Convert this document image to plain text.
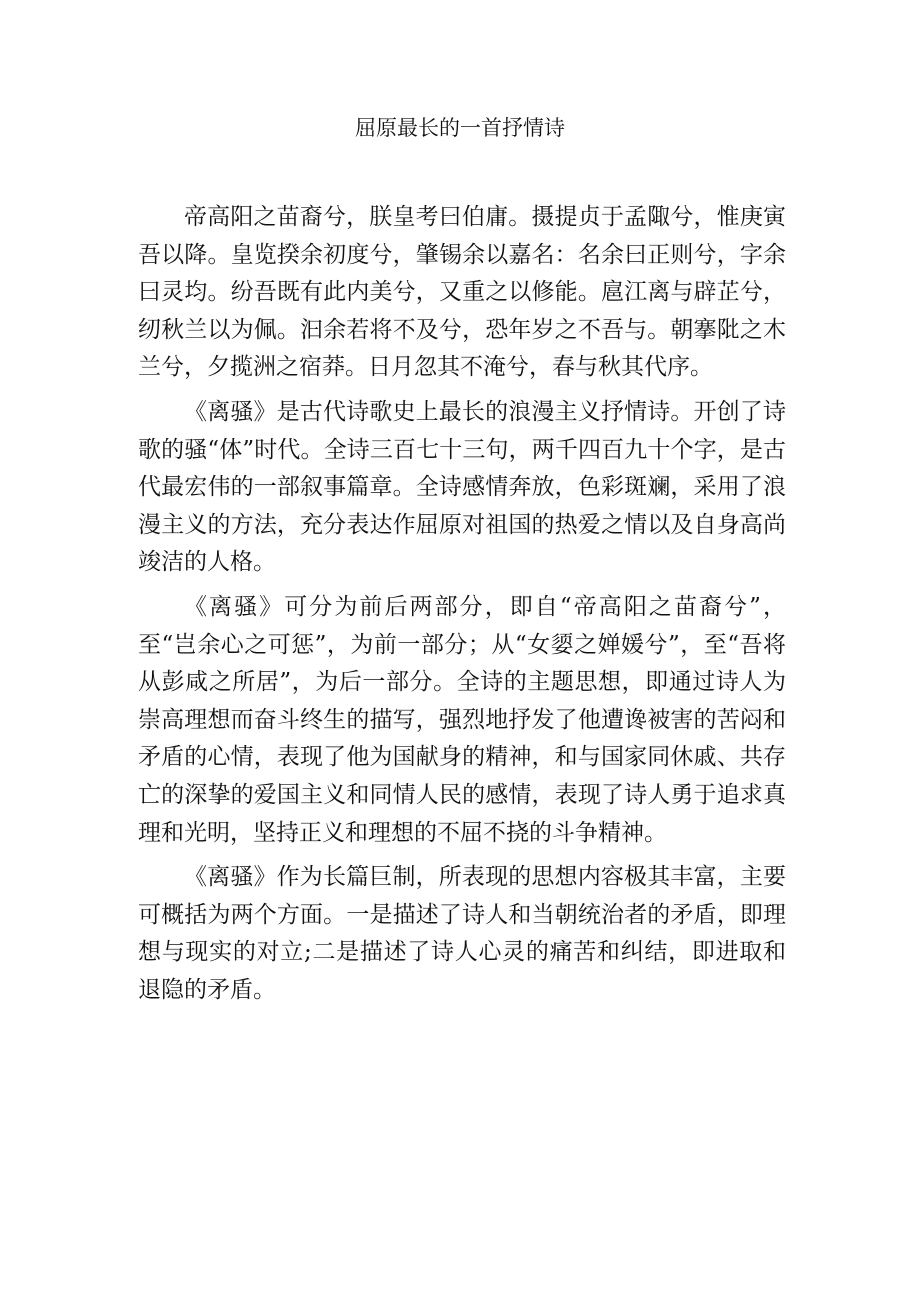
屈原最长的一首抒情诗

帝高阳之苗裔兮，朕皇考曰伯庸。摄提贞于孟陬兮，惟庚寅吾以降。皇览揆余初度兮，肇锡余以嘉名：名余曰正则兮，字余曰灵均。纷吾既有此内美兮，又重之以修能。扈江离与辟芷兮，纫秋兰以为佩。汩余若将不及兮，恐年岁之不吾与。朝搴阰之木兰兮，夕揽洲之宿莽。日月忽其不淹兮，春与秋其代序。

《离骚》是古代诗歌史上最长的浪漫主义抒情诗。开创了诗歌的骚“体”时代。全诗三百七十三句，两千四百九十个字，是古代最宏伟的一部叙事篇章。全诗感情奔放，色彩斑斓，采用了浪漫主义的方法，充分表达作屈原对祖国的热爱之情以及自身高尚竣洁的人格。

《离骚》可分为前后两部分，即自“帝高阳之苗裔兮”，至“岂余心之可惩”，为前一部分；从“女媭之婵媛兮”，至“吾将从彭咸之所居”，为后一部分。全诗的主题思想，即通过诗人为崇高理想而奋斗终生的描写，强烈地抒发了他遭谗被害的苦闷和矛盾的心情，表现了他为国献身的精神，和与国家同休戚、共存亡的深挚的爱国主义和同情人民的感情，表现了诗人勇于追求真理和光明，坚持正义和理想的不屈不挠的斗争精神。

《离骚》作为长篇巨制，所表现的思想内容极其丰富，主要可概括为两个方面。一是描述了诗人和当朝统治者的矛盾，即理想与现实的对立;二是描述了诗人心灵的痛苦和纠结，即进取和退隐的矛盾。
